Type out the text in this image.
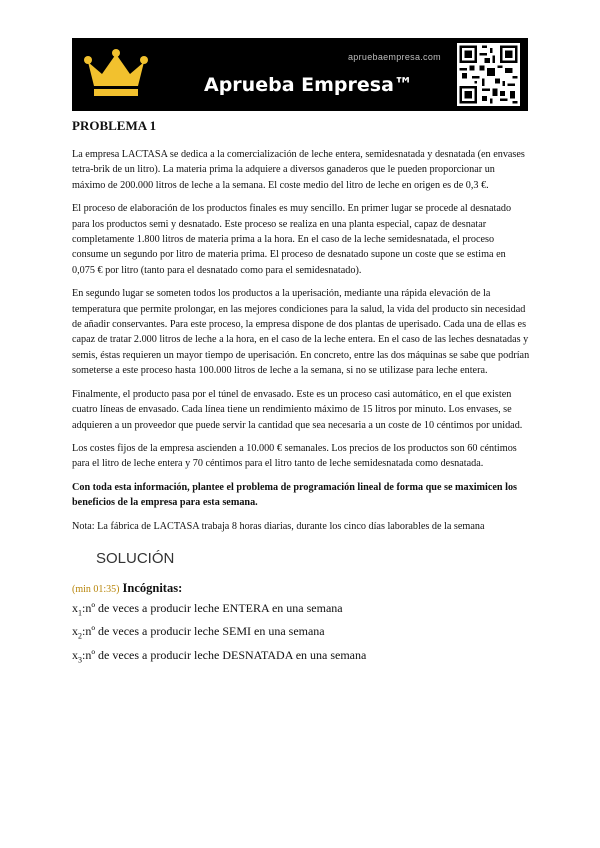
apruebaempresa.com
Aprueba Empresa™
PROBLEMA 1

La empresa LACTASA se dedica a la comercialización de leche entera, semidesnatada y desnatada (en envases tetra-brik de un litro). La materia prima la adquiere a diversos ganaderos que le pueden proporcionar un máximo de 200.000 litros de leche a la semana. El coste medio del litro de leche en origen es de 0,3 €.

El proceso de elaboración de los productos finales es muy sencillo. En primer lugar se procede al desnatado para los productos semi y desnatado. Este proceso se realiza en una planta especial, capaz de desnatar completamente 1.800 litros de materia prima a la hora. En el caso de la leche semidesnatada, el proceso consume un segundo por litro de materia prima. El proceso de desnatado supone un coste que se estima en 0,075 € por litro (tanto para el desnatado como para el semidesnatado).

En segundo lugar se someten todos los productos a la uperisación, mediante una rápida elevación de la temperatura que permite prolongar, en las mejores condiciones para la salud, la vida del producto sin necesidad de añadir conservantes. Para este proceso, la empresa dispone de dos plantas de uperisado. Cada una de ellas es capaz de tratar 2.000 litros de leche a la hora, en el caso de la leche entera. En el caso de las leches desnatadas y semis, éstas requieren un mayor tiempo de uperisación. En concreto, entre las dos máquinas se sabe que podrían someterse a este proceso hasta 100.000 litros de leche a la semana, si no se utilizase para leche entera.

Finalmente, el producto pasa por el túnel de envasado. Este es un proceso casi automático, en el que existen cuatro líneas de envasado. Cada línea tiene un rendimiento máximo de 15 litros por minuto. Los envases, se adquieren a un proveedor que puede servir la cantidad que sea necesaria a un coste de 10 céntimos por unidad.

Los costes fijos de la empresa ascienden a 10.000 € semanales. Los precios de los productos son 60 céntimos para el litro de leche entera y 70 céntimos para el litro tanto de leche semidesnatada como desnatada.

Con toda esta información, plantee el problema de programación lineal de forma que se maximicen los beneficios de la empresa para esta semana.

Nota: La fábrica de LACTASA trabaja 8 horas diarias, durante los cinco días laborables de la semana

SOLUCIÓN
(min 01:35) Incógnitas:
$x_1:nº$ de veces a producir leche ENTERA en una semana
$x_2:nº$ de veces a producir leche SEMI en una semana
$x_3:nº$ de veces a producir leche DESNATADA en una semana
